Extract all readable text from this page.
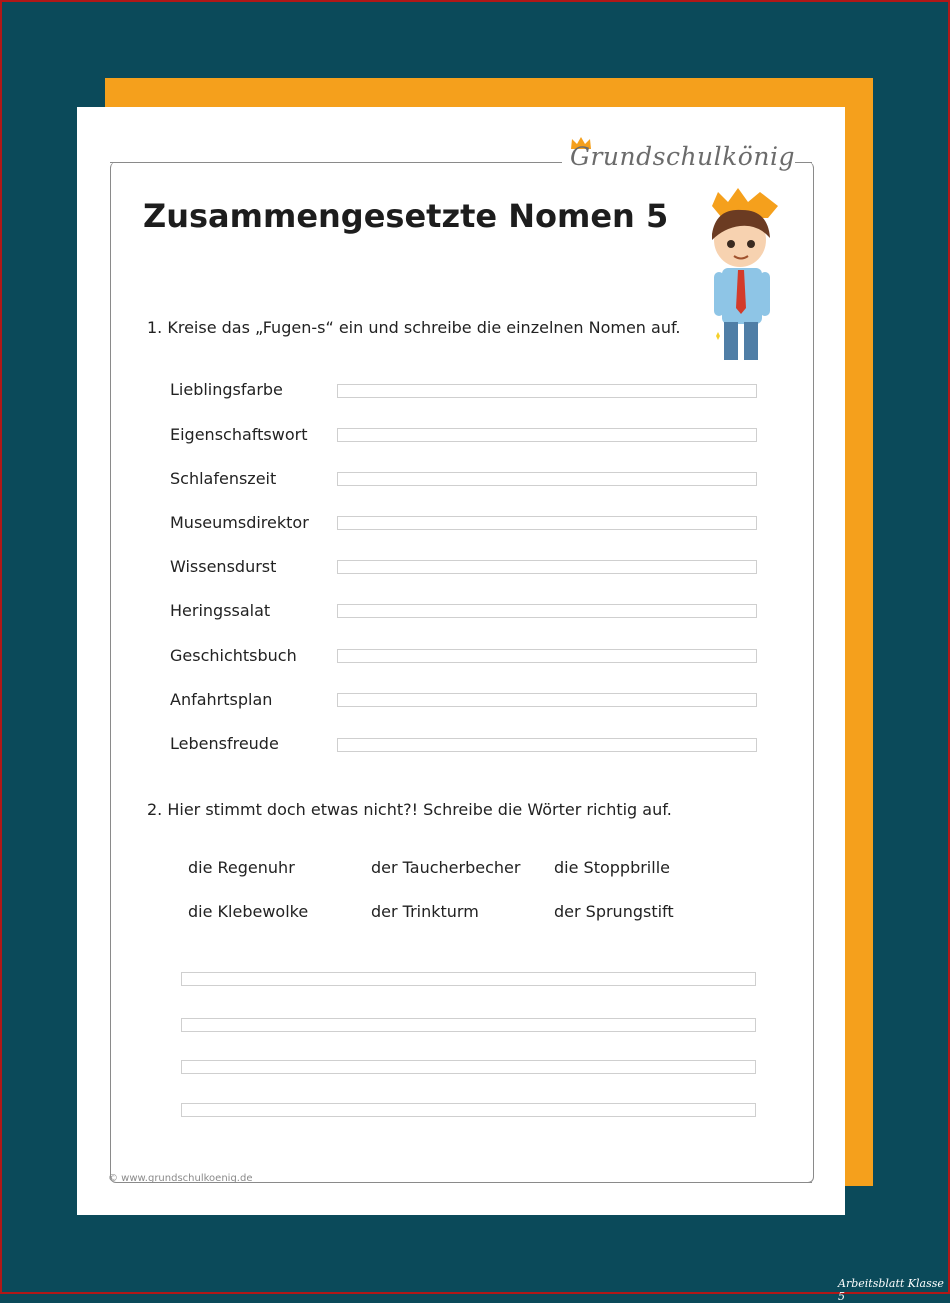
Grundschulkönig
Zusammengesetzte Nomen 5
1. Kreise das „Fugen-s“ ein und schreibe die einzelnen Nomen auf.
Lieblingsfarbe
Eigenschaftswort
Schlafenszeit
Museumsdirektor
Wissensdurst
Heringssalat
Geschichtsbuch
Anfahrtsplan
Lebensfreude
2. Hier stimmt doch etwas nicht?! Schreibe die Wörter richtig auf.
die Regenuhr	der Taucherbecher die Stoppbrille
die Klebewolke	der Trinkturm	der Sprungstift
© www.grundschulkoenig.de
Arbeitsblatt Klasse 5
